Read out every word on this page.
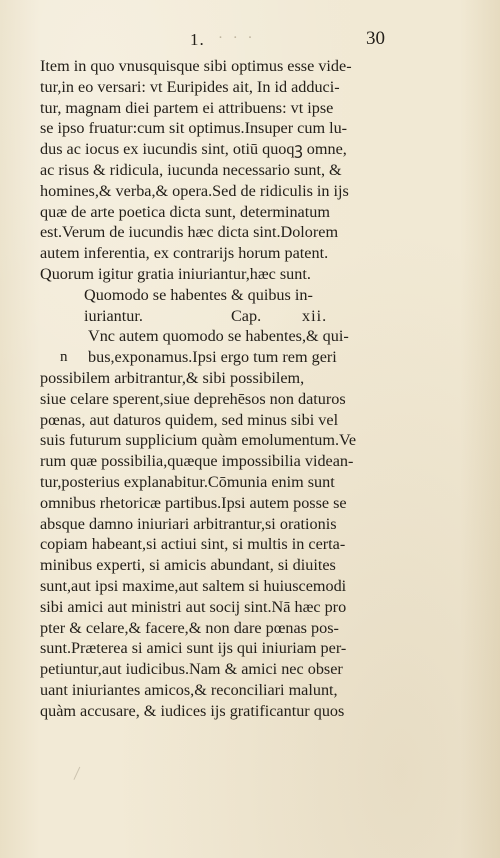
1. · · ·	30
Item in quo vnusquisque sibi optimus esse vide-
tur,in eo versari: vt Euripides ait, In id adduci-
tur, magnam diei partem ei attribuens: vt ipse
se ipso fruatur:cum sit optimus.Insuper cum lu-
dus ac iocus ex iucundis sint, otiū quoqꝫ omne,
ac risus & ridicula, iucunda necessario sunt, &
homines,& verba,& opera.Sed de ridiculis in ijs
quæ de arte poetica dicta sunt, determinatum
est.Verum de iucundis hæc dicta sint.Dolorem
autem inferentia, ex contrarijs horum patent.
Quorum igitur gratia iniuriantur,hæc sunt.
Quomodo se habentes & quibus in-
iuriantur.	Cap.	xii.
Vnc autem quomodo se habentes,& qui-
n bus,exponamus.Ipsi ergo tum rem geri
possibilem arbitrantur,& sibi possibilem,
siue celare sperent,siue deprehēsos non daturos
pœnas, aut daturos quidem, sed minus sibi vel
suis futurum supplicium quàm emolumentum.Ve
rum quæ possibilia,quæque impossibilia videan-
tur,posterius explanabitur.Cōmunia enim sunt
omnibus rhetoricæ partibus.Ipsi autem posse se
absque damno iniuriari arbitrantur,si orationis
copiam habeant,si actiui sint, si multis in certa-
minibus experti, si amicis abundant, si diuites
sunt,aut ipsi maxime,aut saltem si huiuscemodi
sibi amici aut ministri aut socij sint.Nā hæc pro
pter & celare,& facere,& non dare pœnas pos-
sunt.Præterea si amici sunt ijs qui iniuriam per-
petiuntur,aut iudicibus.Nam & amici nec obser
uant iniuriantes amicos,& reconciliari malunt,
quàm accusare, & iudices ijs gratificantur quos
